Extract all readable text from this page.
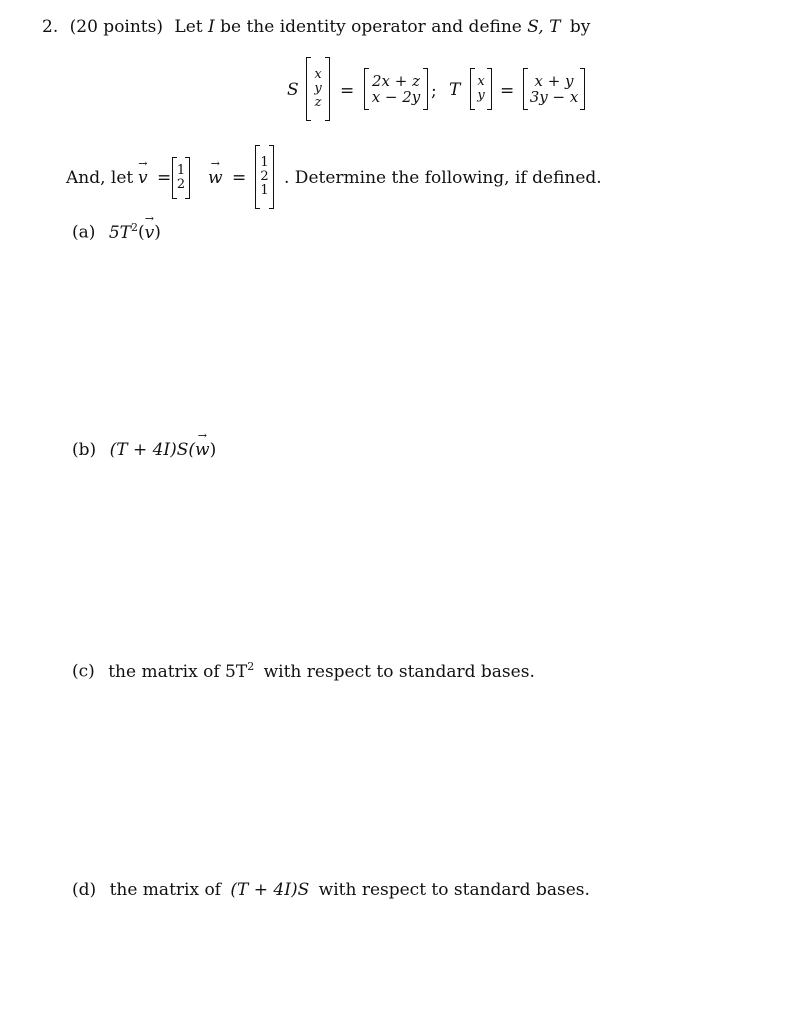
2. (20 points) Let I be the identity operator and define S, T by
S
x
y
z
=
2x + z
x − 2y ; T x
y =
x + y
3y − x
And, let → v = 1
2 → w =
1
2
1
. Determine the following, if defined.
(a) $5T^2(\to v)$
(b) (T + 4I)S(→ w)
(c) the matrix of $5T^2$ with respect to standard bases.
(d) the matrix of (T + 4I)S with respect to standard bases.
